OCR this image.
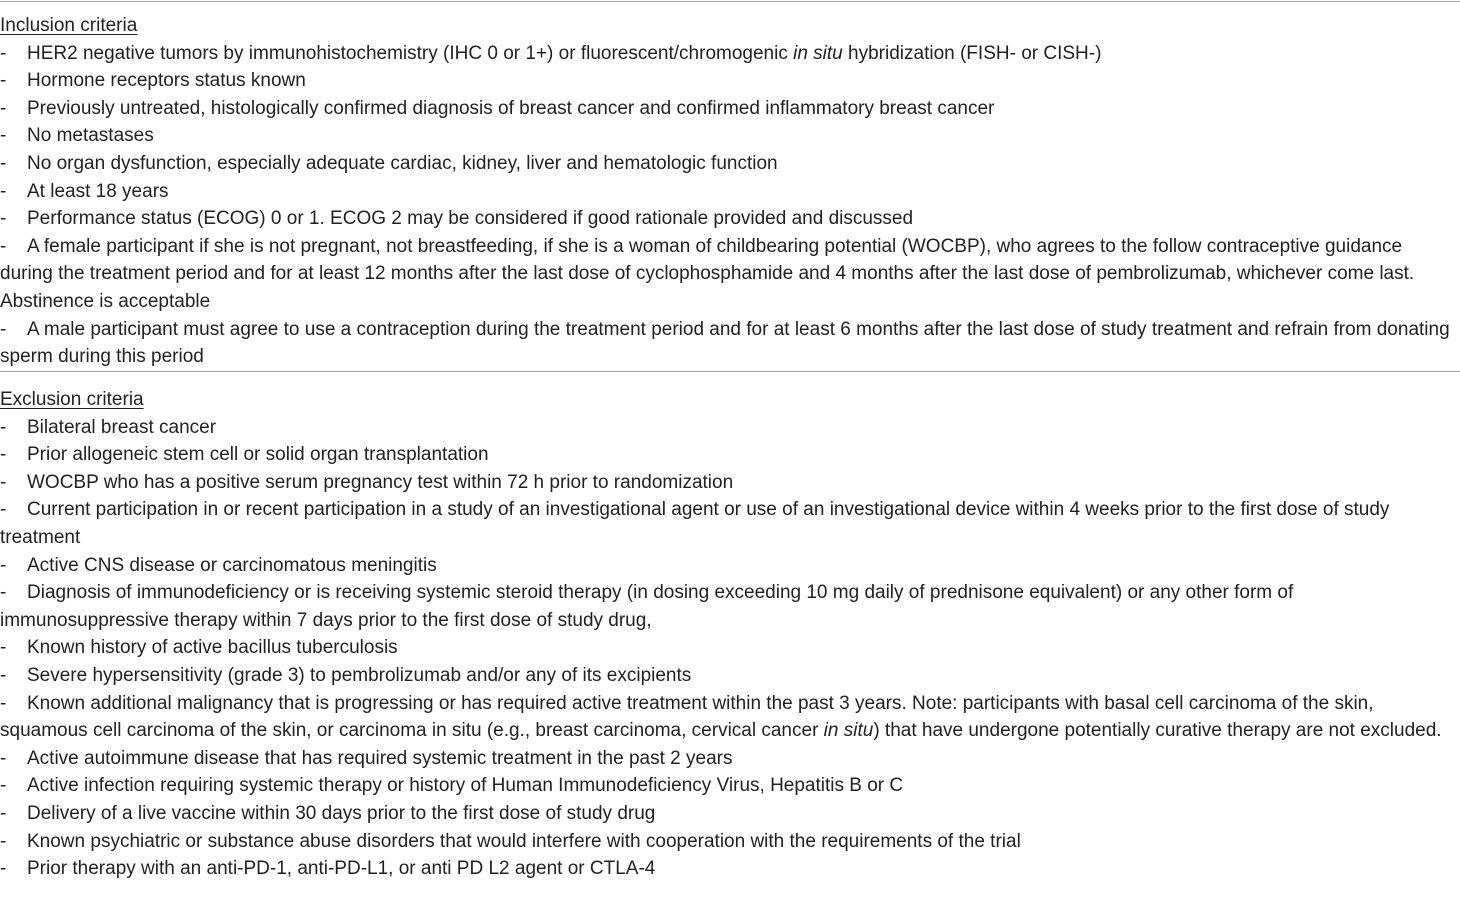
Inclusion criteria

- HER2 negative tumors by immunohistochemistry (IHC 0 or 1+) or fluorescent/chromogenic in situ hybridization (FISH- or CISH-)

- Hormone receptors status known

- Previously untreated, histologically confirmed diagnosis of breast cancer and confirmed inflammatory breast cancer

- No metastases

- No organ dysfunction, especially adequate cardiac, kidney, liver and hematologic function

- At least 18 years

- Performance status (ECOG) 0 or 1. ECOG 2 may be considered if good rationale provided and discussed

- A female participant if she is not pregnant, not breastfeeding, if she is a woman of childbearing potential (WOCBP), who agrees to the follow contraceptive guidance during the treatment period and for at least 12 months after the last dose of cyclophosphamide and 4 months after the last dose of pembrolizumab, whichever come last. Abstinence is acceptable

- A male participant must agree to use a contraception during the treatment period and for at least 6 months after the last dose of study treatment and refrain from donating sperm during this period

Exclusion criteria

- Bilateral breast cancer

- Prior allogeneic stem cell or solid organ transplantation

- WOCBP who has a positive serum pregnancy test within 72 h prior to randomization

- Current participation in or recent participation in a study of an investigational agent or use of an investigational device within 4 weeks prior to the first dose of study treatment

- Active CNS disease or carcinomatous meningitis

- Diagnosis of immunodeficiency or is receiving systemic steroid therapy (in dosing exceeding 10 mg daily of prednisone equivalent) or any other form of immunosuppressive therapy within 7 days prior to the first dose of study drug,

- Known history of active bacillus tuberculosis

- Severe hypersensitivity (grade 3) to pembrolizumab and/or any of its excipients

- Known additional malignancy that is progressing or has required active treatment within the past 3 years. Note: participants with basal cell carcinoma of the skin, squamous cell carcinoma of the skin, or carcinoma in situ (e.g., breast carcinoma, cervical cancer in situ) that have undergone potentially curative therapy are not excluded.

- Active autoimmune disease that has required systemic treatment in the past 2 years

- Active infection requiring systemic therapy or history of Human Immunodeficiency Virus, Hepatitis B or C

- Delivery of a live vaccine within 30 days prior to the first dose of study drug

- Known psychiatric or substance abuse disorders that would interfere with cooperation with the requirements of the trial

- Prior therapy with an anti-PD-1, anti-PD-L1, or anti PD L2 agent or CTLA-4
